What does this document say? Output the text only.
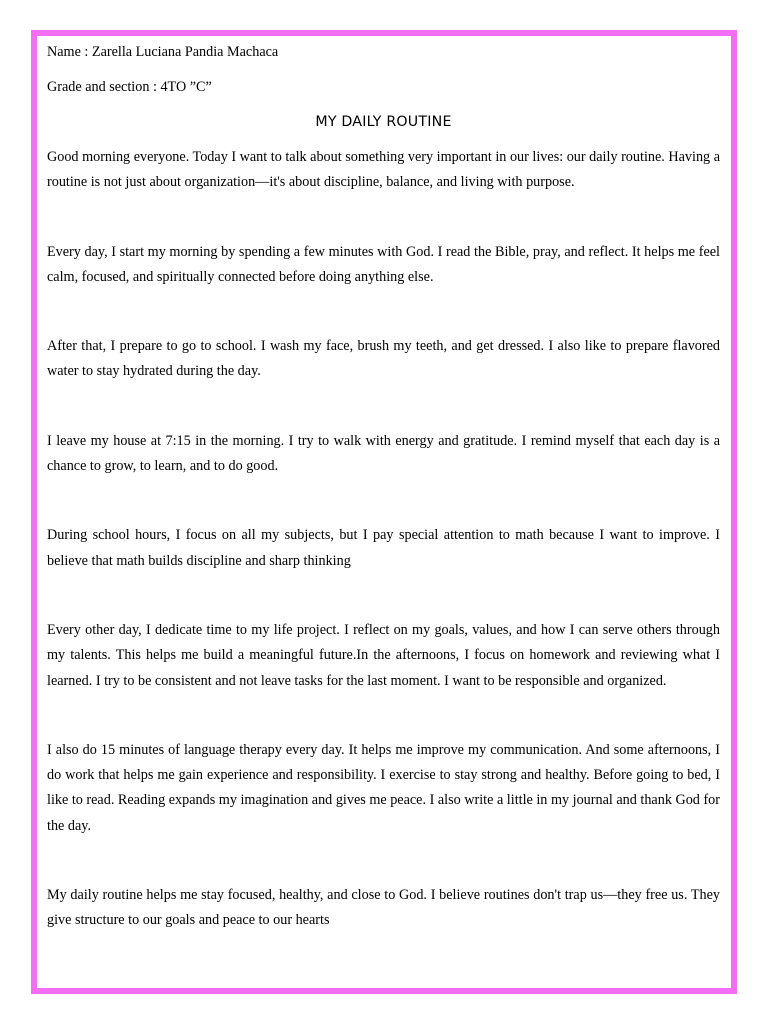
Name : Zarella Luciana Pandia Machaca

Grade and section : 4TO ”C”

MY DAILY ROUTINE

Good morning everyone. Today I want to talk about something very important in our lives: our daily routine. Having a routine is not just about organization—it's about discipline, balance, and living with purpose.

Every day, I start my morning by spending a few minutes with God. I read the Bible, pray, and reflect. It helps me feel calm, focused, and spiritually connected before doing anything else.

After that, I prepare to go to school. I wash my face, brush my teeth, and get dressed. I also like to prepare flavored water to stay hydrated during the day.

I leave my house at 7:15 in the morning. I try to walk with energy and gratitude. I remind myself that each day is a chance to grow, to learn, and to do good.

During school hours, I focus on all my subjects, but I pay special attention to math because I want to improve. I believe that math builds discipline and sharp thinking

Every other day, I dedicate time to my life project. I reflect on my goals, values, and how I can serve others through my talents. This helps me build a meaningful future.In the afternoons, I focus on homework and reviewing what I learned. I try to be consistent and not leave tasks for the last moment. I want to be responsible and organized.

I also do 15 minutes of language therapy every day. It helps me improve my communication. And some afternoons, I do work that helps me gain experience and responsibility. I exercise to stay strong and healthy. Before going to bed, I like to read. Reading expands my imagination and gives me peace. I also write a little in my journal and thank God for the day.

My daily routine helps me stay focused, healthy, and close to God. I believe routines don't trap us—they free us. They give structure to our goals and peace to our hearts
